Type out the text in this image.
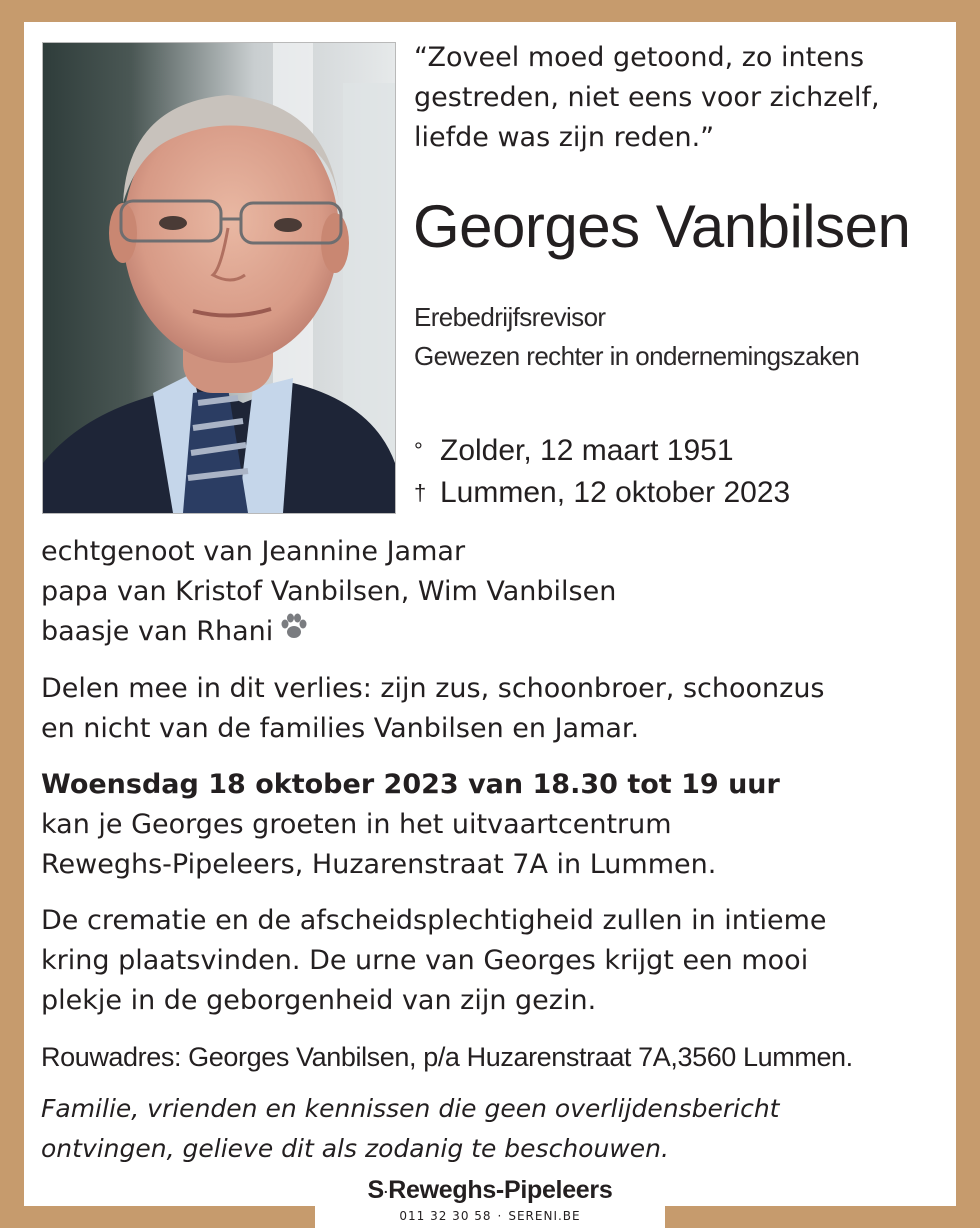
“Zoveel moed getoond, zo intens
gestreden, niet eens voor zichzelf,
liefde was zijn reden.”
Georges Vanbilsen
Erebedrijfsrevisor
Gewezen rechter in ondernemingszaken
° Zolder, 12 maart 1951
† Lummen, 12 oktober 2023
echtgenoot van Jeannine Jamar
papa van Kristof Vanbilsen, Wim Vanbilsen
baasje van Rhani
Delen mee in dit verlies: zijn zus, schoonbroer, schoonzus
en nicht van de families Vanbilsen en Jamar.
Woensdag 18 oktober 2023 van 18.30 tot 19 uur
kan je Georges groeten in het uitvaartcentrum
Reweghs-Pipeleers, Huzarenstraat 7A in Lummen.
De crematie en de afscheidsplechtigheid zullen in intieme
kring plaatsvinden. De urne van Georges krijgt een mooi
plekje in de geborgenheid van zijn gezin.
Rouwadres: Georges Vanbilsen, p/a Huzarenstraat 7A,3560 Lummen.
Familie, vrienden en kennissen die geen overlijdensbericht
ontvingen, gelieve dit als zodanig te beschouwen.
S·Reweghs-Pipeleers
011 32 30 58 · SERENI.BE
